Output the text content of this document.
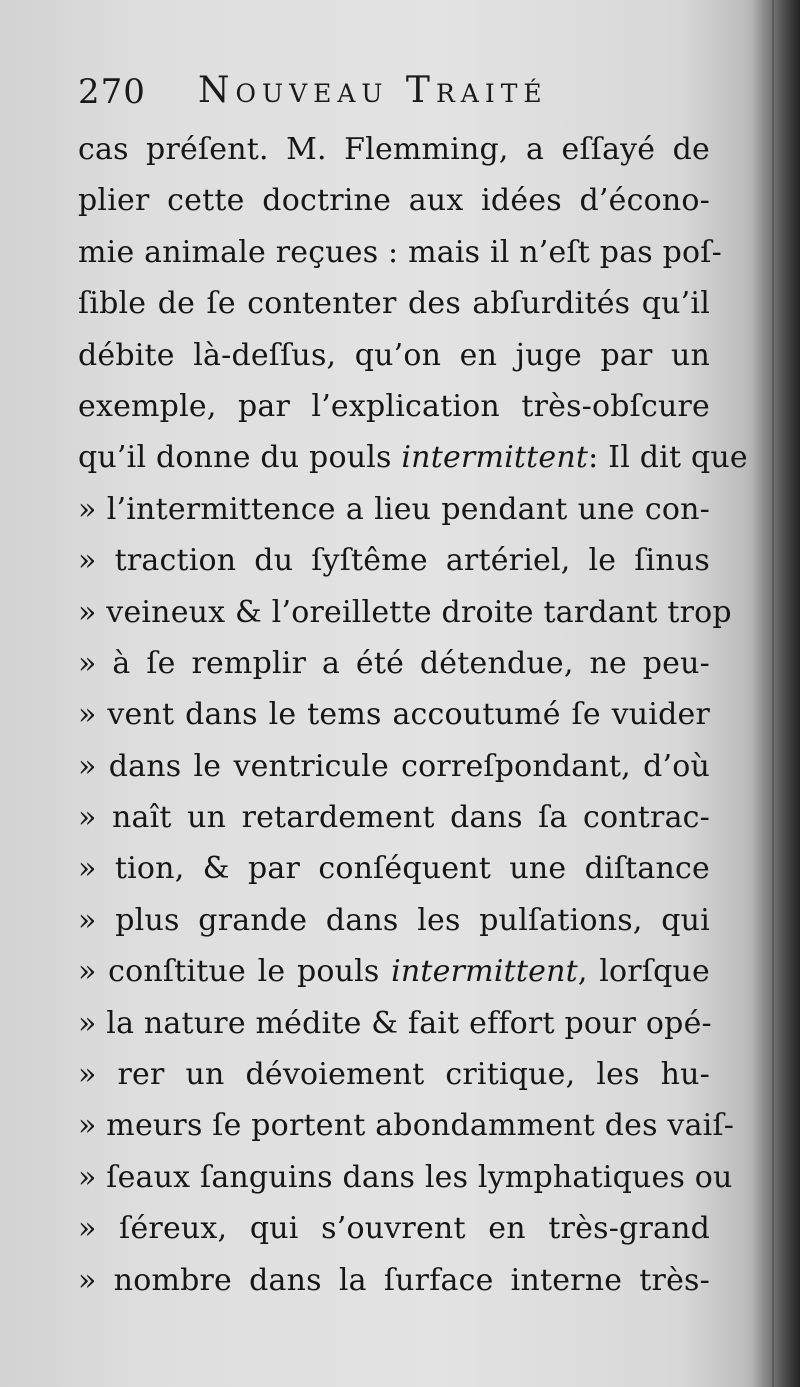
270 Nouveau Traité
cas préſent. M. Flemming, a eſſayé de
plier cette doctrine aux idées d’écono-
mie animale reçues : mais il n’eſt pas poſ-
ſible de ſe contenter des abſurdités qu’il
débite là-deſſus, qu’on en juge par un
exemple, par l’explication très-obſcure
qu’il donne du pouls intermittent: Il dit que
» l’intermittence a lieu pendant une con-
» traction du ſyſtême artériel, le ſinus
» veineux & l’oreillette droite tardant trop
» à ſe remplir a été détendue, ne peu-
» vent dans le tems accoutumé ſe vuider
» dans le ventricule correſpondant, d’où
» naît un retardement dans ſa contrac-
» tion, & par conſéquent une diſtance
» plus grande dans les pulſations, qui
» conſtitue le pouls intermittent, lorſque
» la nature médite & fait effort pour opé-
» rer un dévoiement critique, les hu-
» meurs ſe portent abondamment des vaiſ-
» ſeaux ſanguins dans les lymphatiques ou
» ſéreux, qui s’ouvrent en très-grand
» nombre dans la ſurface interne très-
